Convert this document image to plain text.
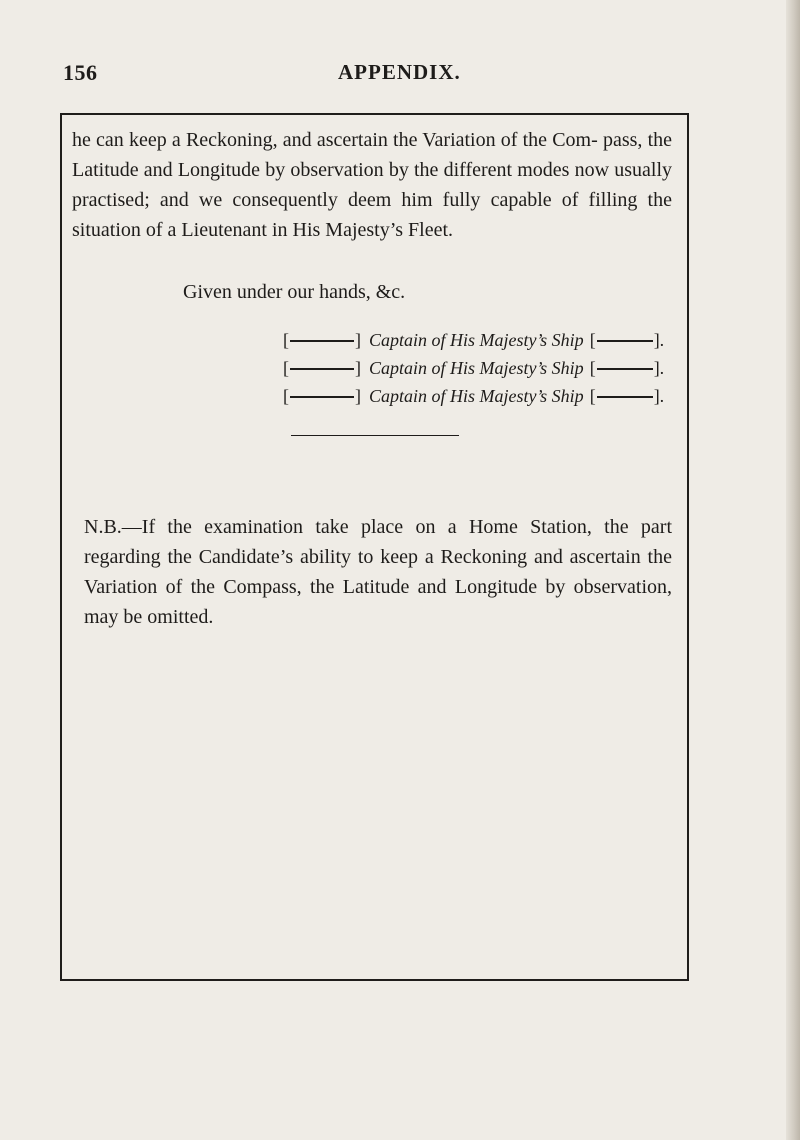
156	APPENDIX.

he can keep a Reckoning, and ascertain the Variation of the Com- pass, the Latitude and Longitude by observation by the different modes now usually practised; and we consequently deem him fully capable of filling the situation of a Lieutenant in His Majesty’s Fleet.

Given under our hands, &c.

[	] Captain of His Majesty’s Ship [	].
[	] Captain of His Majesty’s Ship [	].
[	] Captain of His Majesty’s Ship [	].

N.B.—If the examination take place on a Home Station, the part regarding the Candidate’s ability to keep a Reckoning and ascertain the Variation of the Compass, the Latitude and Longitude by observation, may be omitted.
